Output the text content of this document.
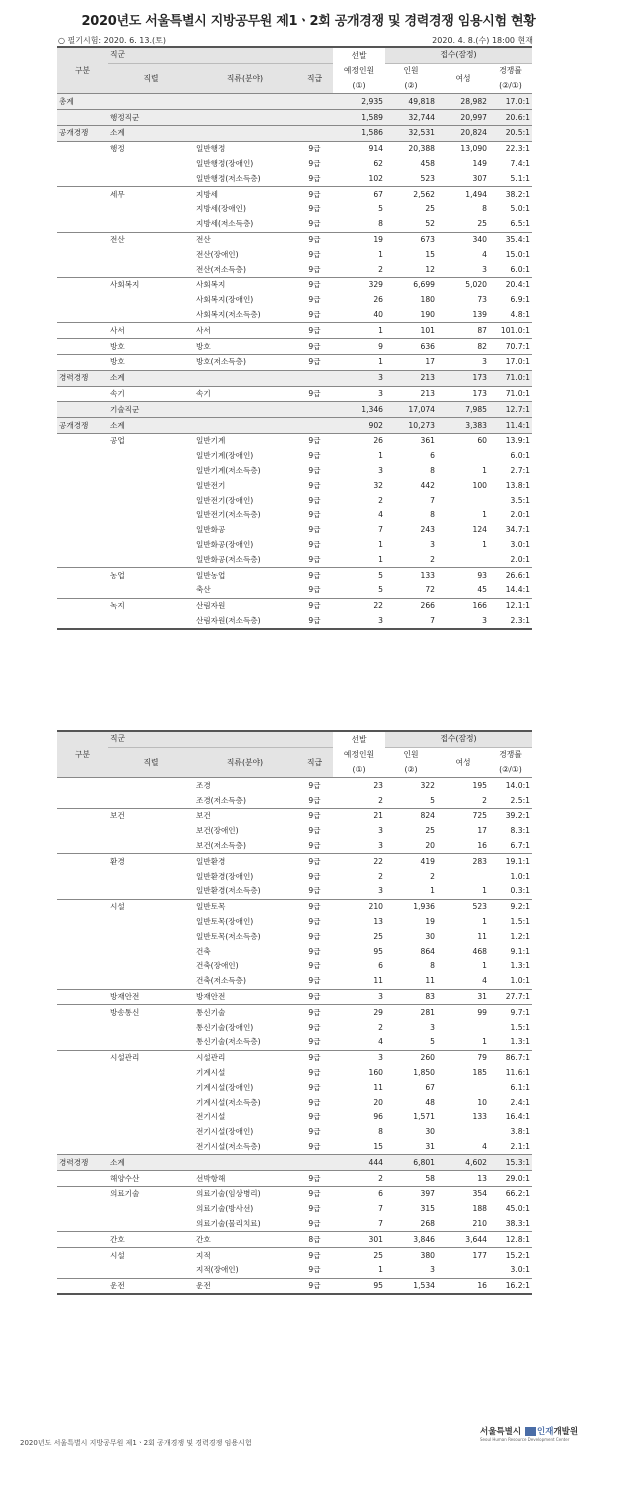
2020년도 서울특별시 지방공무원 제1ㆍ2회 공개경쟁 및 경력경쟁 임용시험 현황
○ 필기시험: 2020. 6. 13.(토)	2020. 4. 8.(수) 18:00 현재
구분	직군			선발	접수(잠정)		
	직렬	직류(분야)	직급	예정인원	인원	여성	경쟁률
				(①)	(②)		(②/①)
총계				2,935	49,818	28,982	17.0:1
	행정직군			1,589	32,744	20,997	20.6:1
공개경쟁	소계			1,586	32,531	20,824	20.5:1
	행정	일반행정	9급	914	20,388	13,090	22.3:1
		일반행정(장애인)	9급	62	458	149	7.4:1
		일반행정(저소득층)	9급	102	523	307	5.1:1
	세무	지방세	9급	67	2,562	1,494	38.2:1
		지방세(장애인)	9급	5	25	8	5.0:1
		지방세(저소득층)	9급	8	52	25	6.5:1
	전산	전산	9급	19	673	340	35.4:1
		전산(장애인)	9급	1	15	4	15.0:1
		전산(저소득층)	9급	2	12	3	6.0:1
	사회복지	사회복지	9급	329	6,699	5,020	20.4:1
		사회복지(장애인)	9급	26	180	73	6.9:1
		사회복지(저소득층)	9급	40	190	139	4.8:1
	사서	사서	9급	1	101	87	101.0:1
	방호	방호	9급	9	636	82	70.7:1
	방호	방호(저소득층)	9급	1	17	3	17.0:1
경력경쟁	소계			3	213	173	71.0:1
	속기	속기	9급	3	213	173	71.0:1
	기술직군			1,346	17,074	7,985	12.7:1
공개경쟁	소계			902	10,273	3,383	11.4:1
	공업	일반기계	9급	26	361	60	13.9:1
		일반기계(장애인)	9급	1	6		6.0:1
		일반기계(저소득층)	9급	3	8	1	2.7:1
		일반전기	9급	32	442	100	13.8:1
		일반전기(장애인)	9급	2	7		3.5:1
		일반전기(저소득층)	9급	4	8	1	2.0:1
		일반화공	9급	7	243	124	34.7:1
		일반화공(장애인)	9급	1	3	1	3.0:1
		일반화공(저소득층)	9급	1	2		2.0:1
	농업	일반농업	9급	5	133	93	26.6:1
		축산	9급	5	72	45	14.4:1
	녹지	산림자원	9급	22	266	166	12.1:1
		산림자원(저소득층)	9급	3	7	3	2.3:1
구분	직군			선발	접수(잠정)		
	직렬	직류(분야)	직급	예정인원	인원	여성	경쟁률
				(①)	(②)		(②/①)
		조경	9급	23	322	195	14.0:1
		조경(저소득층)	9급	2	5	2	2.5:1
	보건	보건	9급	21	824	725	39.2:1
		보건(장애인)	9급	3	25	17	8.3:1
		보건(저소득층)	9급	3	20	16	6.7:1
	환경	일반환경	9급	22	419	283	19.1:1
		일반환경(장애인)	9급	2	2		1.0:1
		일반환경(저소득층)	9급	3	1	1	0.3:1
	시설	일반토목	9급	210	1,936	523	9.2:1
		일반토목(장애인)	9급	13	19	1	1.5:1
		일반토목(저소득층)	9급	25	30	11	1.2:1
		건축	9급	95	864	468	9.1:1
		건축(장애인)	9급	6	8	1	1.3:1
		건축(저소득층)	9급	11	11	4	1.0:1
	방재안전	방재안전	9급	3	83	31	27.7:1
	방송통신	통신기술	9급	29	281	99	9.7:1
		통신기술(장애인)	9급	2	3		1.5:1
		통신기술(저소득층)	9급	4	5	1	1.3:1
	시설관리	시설관리	9급	3	260	79	86.7:1
		기계시설	9급	160	1,850	185	11.6:1
		기계시설(장애인)	9급	11	67		6.1:1
		기계시설(저소득층)	9급	20	48	10	2.4:1
		전기시설	9급	96	1,571	133	16.4:1
		전기시설(장애인)	9급	8	30		3.8:1
		전기시설(저소득층)	9급	15	31	4	2.1:1
경력경쟁	소계			444	6,801	4,602	15.3:1
	해양수산	선박항해	9급	2	58	13	29.0:1
	의료기술	의료기술(임상병리)	9급	6	397	354	66.2:1
		의료기술(방사선)	9급	7	315	188	45.0:1
		의료기술(물리치료)	9급	7	268	210	38.3:1
	간호	간호	8급	301	3,846	3,644	12.8:1
	시설	지적	9급	25	380	177	15.2:1
		지적(장애인)	9급	1	3		3.0:1
	운전	운전	9급	95	1,534	16	16.2:1
2020년도 서울특별시 지방공무원 제1ㆍ2회 공개경쟁 및 경력경쟁 임용시험
서울특별시 인재개발원
Seoul Human Resource Development Center
